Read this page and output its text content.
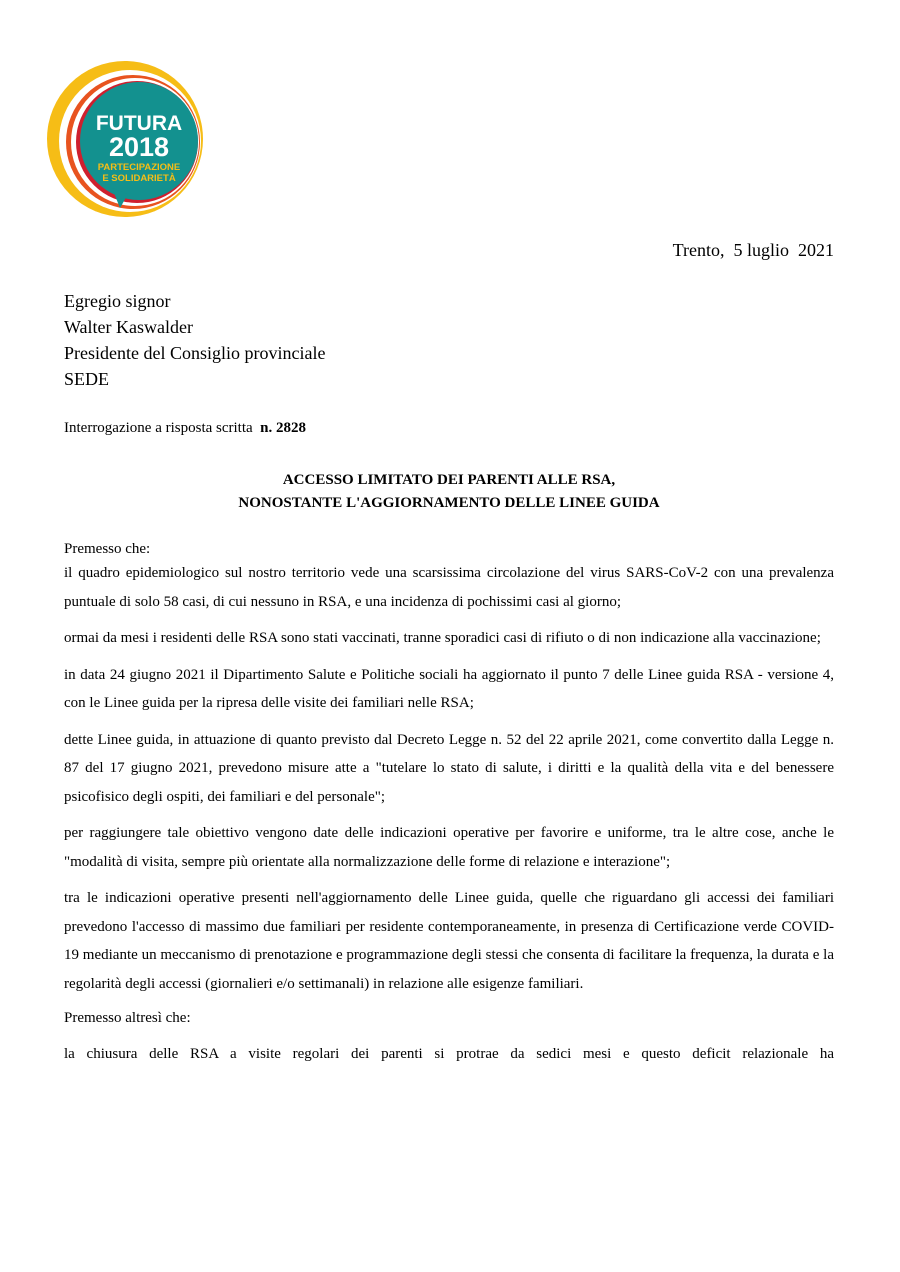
FUTURA
2018
PARTECIPAZIONE
E SOLIDARIETÀ
Trento,  5 luglio  2021
Egregio signor
Walter Kaswalder
Presidente del Consiglio provinciale
SEDE
Interrogazione a risposta scritta  n. 2828
ACCESSO LIMITATO DEI PARENTI ALLE RSA,
NONOSTANTE L'AGGIORNAMENTO DELLE LINEE GUIDA

Premesso che:

il quadro epidemiologico sul nostro territorio vede una scarsissima circolazione del virus SARS-CoV-2 con una prevalenza puntuale di solo 58 casi, di cui nessuno in RSA, e una incidenza di pochissimi casi al giorno;

ormai da mesi i residenti delle RSA sono stati vaccinati, tranne sporadici casi di rifiuto o di non indicazione alla vaccinazione;

in data 24 giugno 2021 il Dipartimento Salute e Politiche sociali ha aggiornato il punto 7 delle Linee guida RSA - versione 4, con le Linee guida per la ripresa delle visite dei familiari nelle RSA;

dette Linee guida, in attuazione di quanto previsto dal Decreto Legge n. 52 del 22 aprile 2021, come convertito dalla Legge n. 87 del 17 giugno 2021, prevedono misure atte a "tutelare lo stato di salute, i diritti e la qualità della vita e del benessere psicofisico degli ospiti, dei familiari e del personale";

per raggiungere tale obiettivo vengono date delle indicazioni operative per favorire e uniforme, tra le altre cose, anche le "modalità di visita, sempre più orientate alla normalizzazione delle forme di relazione e interazione";

tra le indicazioni operative presenti nell'aggiornamento delle Linee guida, quelle che riguardano gli accessi dei familiari prevedono l'accesso di massimo due familiari per residente contemporaneamente, in presenza di Certificazione verde COVID-19 mediante un meccanismo di prenotazione e programmazione degli stessi che consenta di facilitare la frequenza, la durata e la regolarità degli accessi (giornalieri e/o settimanali) in relazione alle esigenze familiari.

Premesso altresì che:

la chiusura delle RSA a visite regolari dei parenti si protrae da sedici mesi e questo deficit relazionale ha
